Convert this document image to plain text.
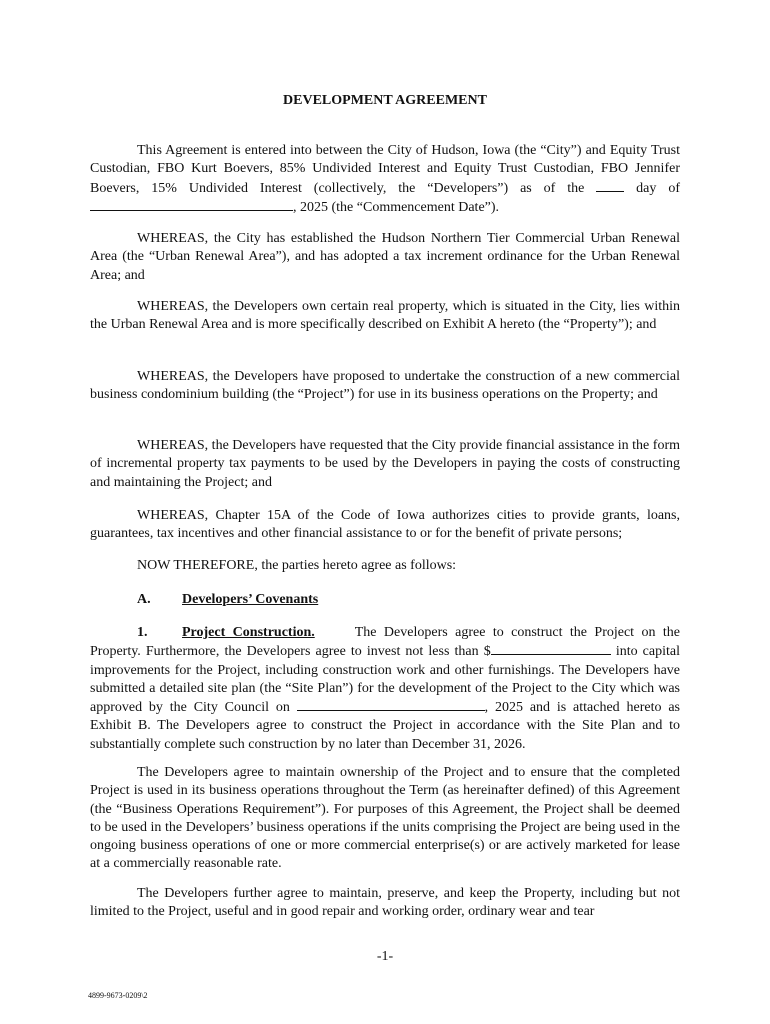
DEVELOPMENT AGREEMENT

This Agreement is entered into between the City of Hudson, Iowa (the “City”) and Equity Trust Custodian, FBO Kurt Boevers, 85% Undivided Interest and Equity Trust Custodian, FBO Jennifer Boevers, 15% Undivided Interest (collectively, the “Developers”) as of the  day of , 2025 (the “Commencement Date”).

WHEREAS, the City has established the Hudson Northern Tier Commercial Urban Renewal Area (the “Urban Renewal Area”), and has adopted a tax increment ordinance for the Urban Renewal Area; and

WHEREAS, the Developers own certain real property, which is situated in the City, lies within the Urban Renewal Area and is more specifically described on Exhibit A hereto (the “Property”); and

WHEREAS, the Developers have proposed to undertake the construction of a new commercial business condominium building (the “Project”) for use in its business operations on the Property; and

WHEREAS, the Developers have requested that the City provide financial assistance in the form of incremental property tax payments to be used by the Developers in paying the costs of constructing and maintaining the Project; and

WHEREAS, Chapter 15A of the Code of Iowa authorizes cities to provide grants, loans, guarantees, tax incentives and other financial assistance to or for the benefit of private persons;

NOW THEREFORE, the parties hereto agree as follows:

A. Developers’ Covenants

1. Project Construction.	The Developers agree to construct the Project on the Property. Furthermore, the Developers agree to invest not less than $	into capital improvements for the Project, including construction work and other furnishings. The Developers have submitted a detailed site plan (the “Site Plan”) for the development of the Project to the City which was approved by the City Council on	, 2025 and is attached hereto as Exhibit B. The Developers agree to construct the Project in accordance with the Site Plan and to substantially complete such construction by no later than December 31, 2026.

The Developers agree to maintain ownership of the Project and to ensure that the completed Project is used in its business operations throughout the Term (as hereinafter defined) of this Agreement (the “Business Operations Requirement”). For purposes of this Agreement, the Project shall be deemed to be used in the Developers’ business operations if the units comprising the Project are being used in the ongoing business operations of one or more commercial enterprise(s) or are actively marketed for lease at a commercially reasonable rate.

The Developers further agree to maintain, preserve, and keep the Property, including but not limited to the Project, useful and in good repair and working order, ordinary wear and tear

-1-

4899-9673-0209\2
